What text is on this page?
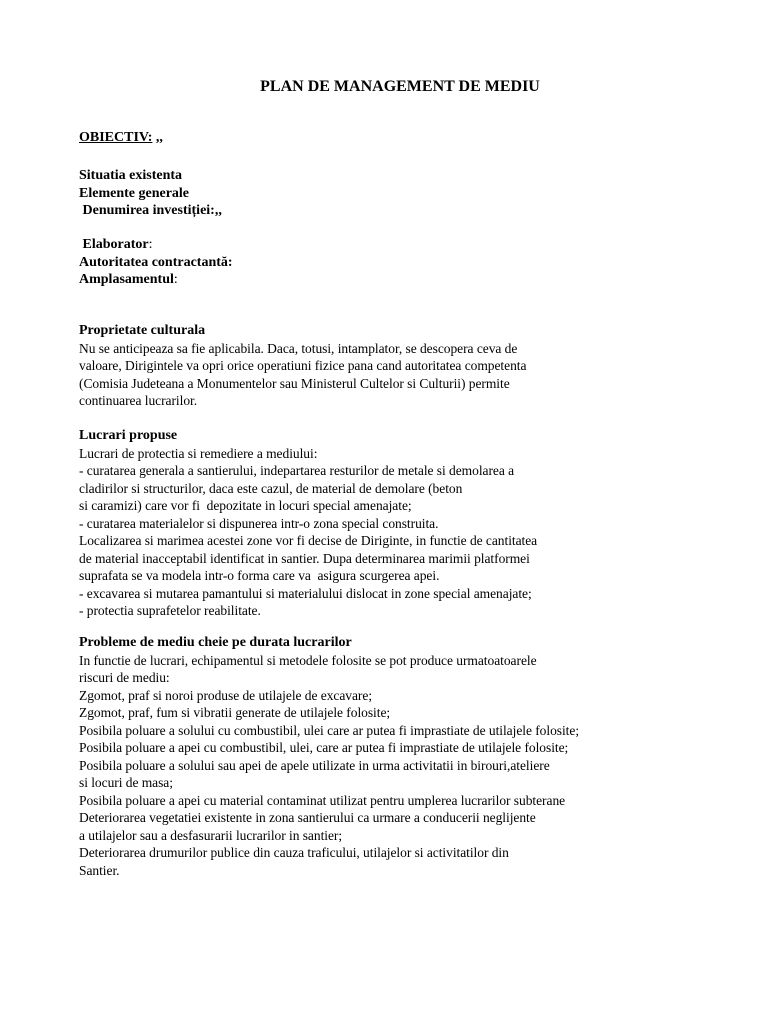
PLAN DE MANAGEMENT DE MEDIU
OBIECTIV: ,,
Situatia existenta
Elemente generale
Denumirea investiției:,,
Elaborator:
Autoritatea contractantă:
Amplasamentul:
Proprietate culturala
Nu se anticipeaza sa fie aplicabila. Daca, totusi, intamplator, se descopera ceva de
valoare, Dirigintele va opri orice operatiuni fizice pana cand autoritatea competenta
(Comisia Judeteana a Monumentelor sau Ministerul Cultelor si Culturii) permite
continuarea lucrarilor.
Lucrari propuse
Lucrari de protectia si remediere a mediului:
- curatarea generala a santierului, indepartarea resturilor de metale si demolarea a
cladirilor si structurilor, daca este cazul, de material de demolare (beton
si caramizi) care vor fi  depozitate in locuri special amenajate;
- curatarea materialelor si dispunerea intr-o zona special construita.
Localizarea si marimea acestei zone vor fi decise de Diriginte, in functie de cantitatea
de material inacceptabil identificat in santier. Dupa determinarea marimii platformei
suprafata se va modela intr-o forma care va  asigura scurgerea apei.
- excavarea si mutarea pamantului si materialului dislocat in zone special amenajate;
- protectia suprafetelor reabilitate.
Probleme de mediu cheie pe durata lucrarilor
In functie de lucrari, echipamentul si metodele folosite se pot produce urmatoatoarele
riscuri de mediu:
Zgomot, praf si noroi produse de utilajele de excavare;
Zgomot, praf, fum si vibratii generate de utilajele folosite;
Posibila poluare a solului cu combustibil, ulei care ar putea fi imprastiate de utilajele folosite;
Posibila poluare a apei cu combustibil, ulei, care ar putea fi imprastiate de utilajele folosite;
Posibila poluare a solului sau apei de apele utilizate in urma activitatii in birouri,ateliere
si locuri de masa;
Posibila poluare a apei cu material contaminat utilizat pentru umplerea lucrarilor subterane
Deteriorarea vegetatiei existente in zona santierului ca urmare a conducerii neglijente
a utilajelor sau a desfasurarii lucrarilor in santier;
Deteriorarea drumurilor publice din cauza traficului, utilajelor si activitatilor din
Santier.
